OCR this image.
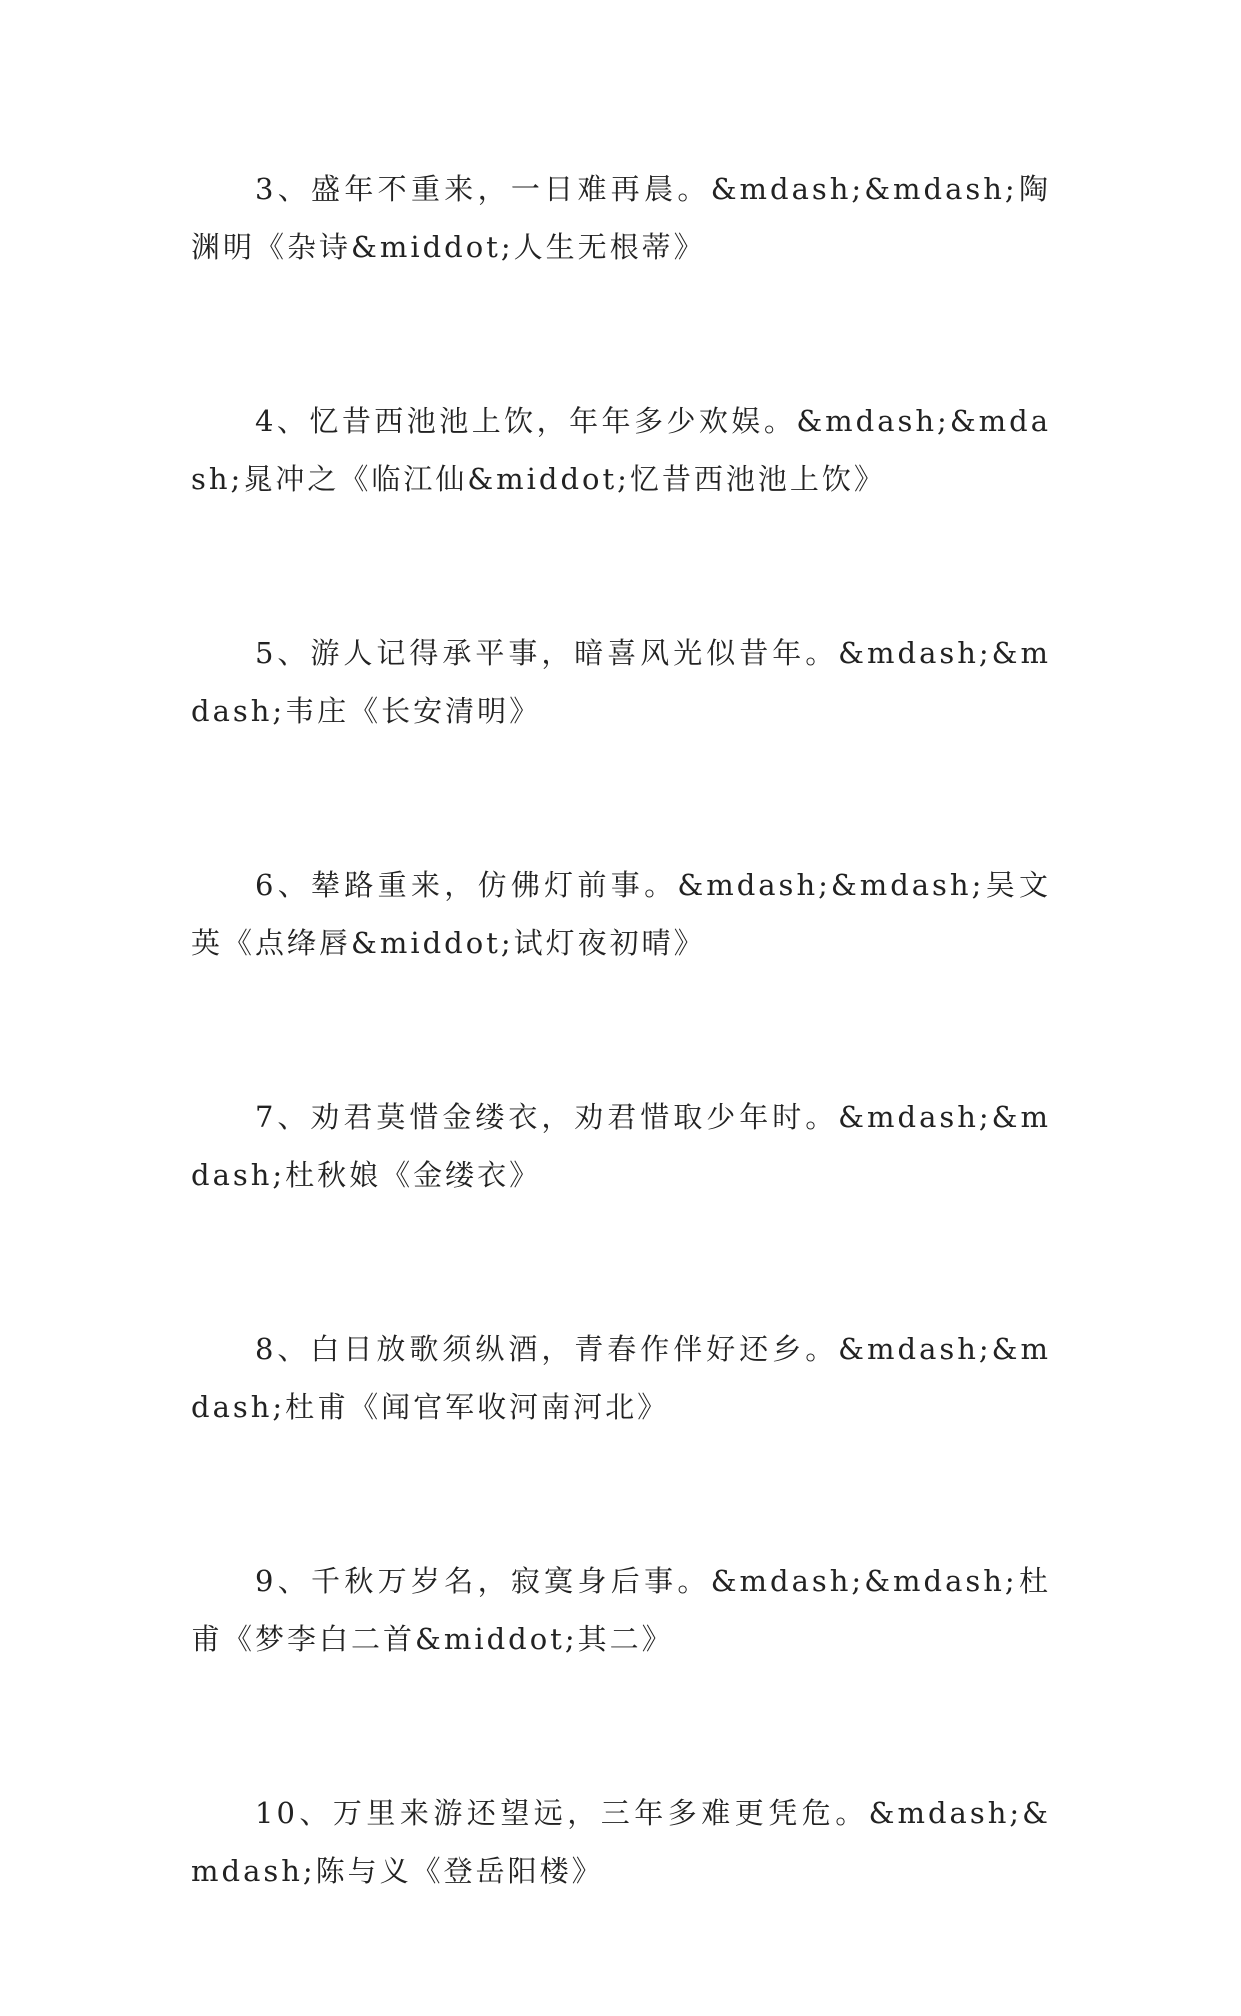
3、盛年不重来，一日难再晨。&mdash;&mdash;陶渊明《杂诗&middot;人生无根蒂》

4、忆昔西池池上饮，年年多少欢娱。&mdash;&mdash;晁冲之《临江仙&middot;忆昔西池池上饮》

5、游人记得承平事，暗喜风光似昔年。&mdash;&mdash;韦庄《长安清明》

6、辇路重来，仿佛灯前事。&mdash;&mdash;吴文英《点绛唇&middot;试灯夜初晴》

7、劝君莫惜金缕衣，劝君惜取少年时。&mdash;&mdash;杜秋娘《金缕衣》

8、白日放歌须纵酒，青春作伴好还乡。&mdash;&mdash;杜甫《闻官军收河南河北》

9、千秋万岁名，寂寞身后事。&mdash;&mdash;杜甫《梦李白二首&middot;其二》

10、万里来游还望远，三年多难更凭危。&mdash;&mdash;陈与义《登岳阳楼》
